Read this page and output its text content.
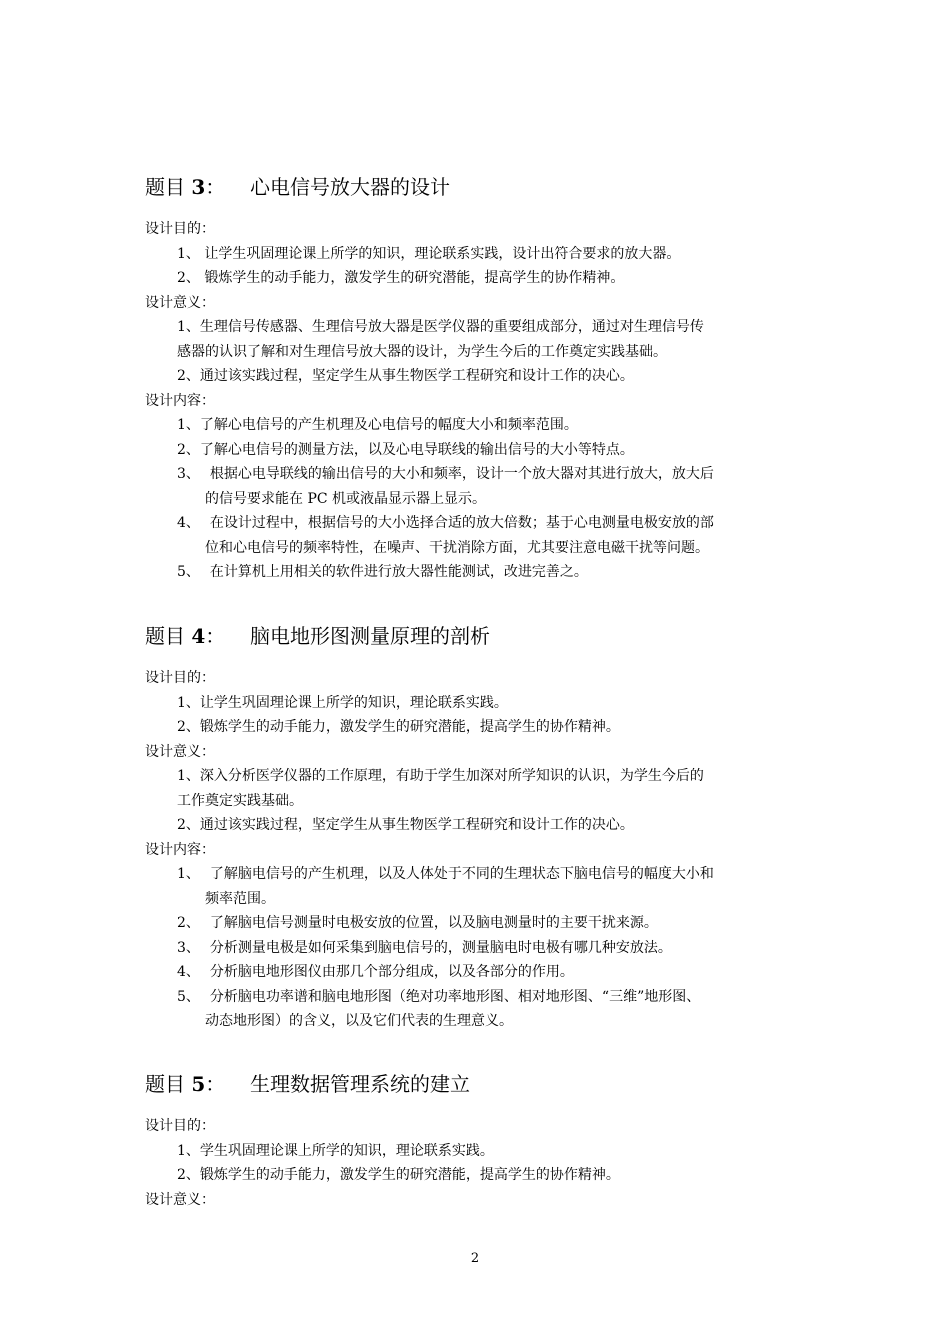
题目 3： 心电信号放大器的设计
设计目的：
1、 让学生巩固理论课上所学的知识，理论联系实践，设计出符合要求的放大器。
2、 锻炼学生的动手能力，激发学生的研究潜能，提高学生的协作精神。
设计意义：
1、生理信号传感器、生理信号放大器是医学仪器的重要组成部分，通过对生理信号传
感器的认识了解和对生理信号放大器的设计，为学生今后的工作奠定实践基础。
2、通过该实践过程，坚定学生从事生物医学工程研究和设计工作的决心。
设计内容：
1、了解心电信号的产生机理及心电信号的幅度大小和频率范围。
2、了解心电信号的测量方法，以及心电导联线的输出信号的大小等特点。
3、 根据心电导联线的输出信号的大小和频率，设计一个放大器对其进行放大，放大后
的信号要求能在 PC 机或液晶显示器上显示。
4、 在设计过程中，根据信号的大小选择合适的放大倍数；基于心电测量电极安放的部
位和心电信号的频率特性，在噪声、干扰消除方面，尤其要注意电磁干扰等问题。
5、 在计算机上用相关的软件进行放大器性能测试，改进完善之。
题目 4： 脑电地形图测量原理的剖析
设计目的：
1、让学生巩固理论课上所学的知识，理论联系实践。
2、锻炼学生的动手能力，激发学生的研究潜能，提高学生的协作精神。
设计意义：
1、深入分析医学仪器的工作原理，有助于学生加深对所学知识的认识，为学生今后的
工作奠定实践基础。
2、通过该实践过程，坚定学生从事生物医学工程研究和设计工作的决心。
设计内容：
1、 了解脑电信号的产生机理，以及人体处于不同的生理状态下脑电信号的幅度大小和
频率范围。
2、 了解脑电信号测量时电极安放的位置，以及脑电测量时的主要干扰来源。
3、 分析测量电极是如何采集到脑电信号的，测量脑电时电极有哪几种安放法。
4、 分析脑电地形图仪由那几个部分组成，以及各部分的作用。
5、 分析脑电功率谱和脑电地形图（绝对功率地形图、相对地形图、“三维”地形图、
动态地形图）的含义，以及它们代表的生理意义。
题目 5： 生理数据管理系统的建立
设计目的：
1、学生巩固理论课上所学的知识，理论联系实践。
2、锻炼学生的动手能力，激发学生的研究潜能，提高学生的协作精神。
设计意义：
2
